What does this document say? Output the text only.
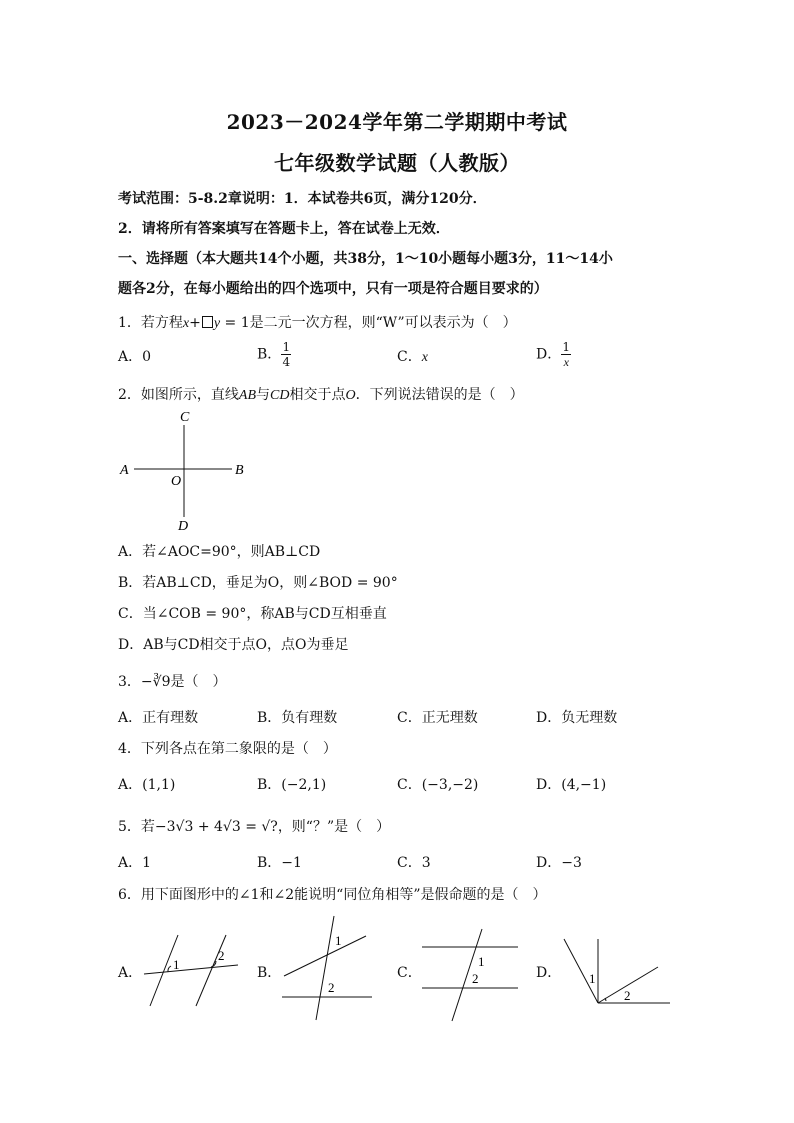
2023－2024学年第二学期期中考试
七年级数学试题（人教版）
考试范围：5-8.2章说明：1．本试卷共6页，满分120分．
2．请将所有答案填写在答题卡上，答在试卷上无效．
一、选择题（本大题共14个小题，共38分，1～10小题每小题3分，11～14小
题各2分，在每小题给出的四个选项中，只有一项是符合题目要求的）
1．若方程x+ y = 1是二元一次方程，则“W”可以表示为（　）
A．0	B． $\frac{1}{4}$	C．x	D． $\frac{1}{x}$
2．如图所示，直线AB与CD相交于点O．下列说法错误的是（　）
C
A	B
O
D
A．若∠AOC=90°，则AB⊥CD
B．若AB⊥CD，垂足为O，则∠BOD = 90°
C．当∠COB = 90°，称AB与CD互相垂直
D．AB与CD相交于点O，点O为垂足
3．−∛9是（　）
A．正有理数	B．负有理数	C．正无理数	D．负无理数
4．下列各点在第二象限的是（　）
A．(1,1)	B．(−2,1)	C．(−3,−2)	D．(4,−1)
5．若−3√3 + 4√3 = √?，则“？”是（　）
A．1	B．−1	C．3	D．−3
6．用下面图形中的∠1和∠2能说明“同位角相等”是假命题的是（　）
A．
1
2
B．
1
2
C．
1
2	D． 1
2
